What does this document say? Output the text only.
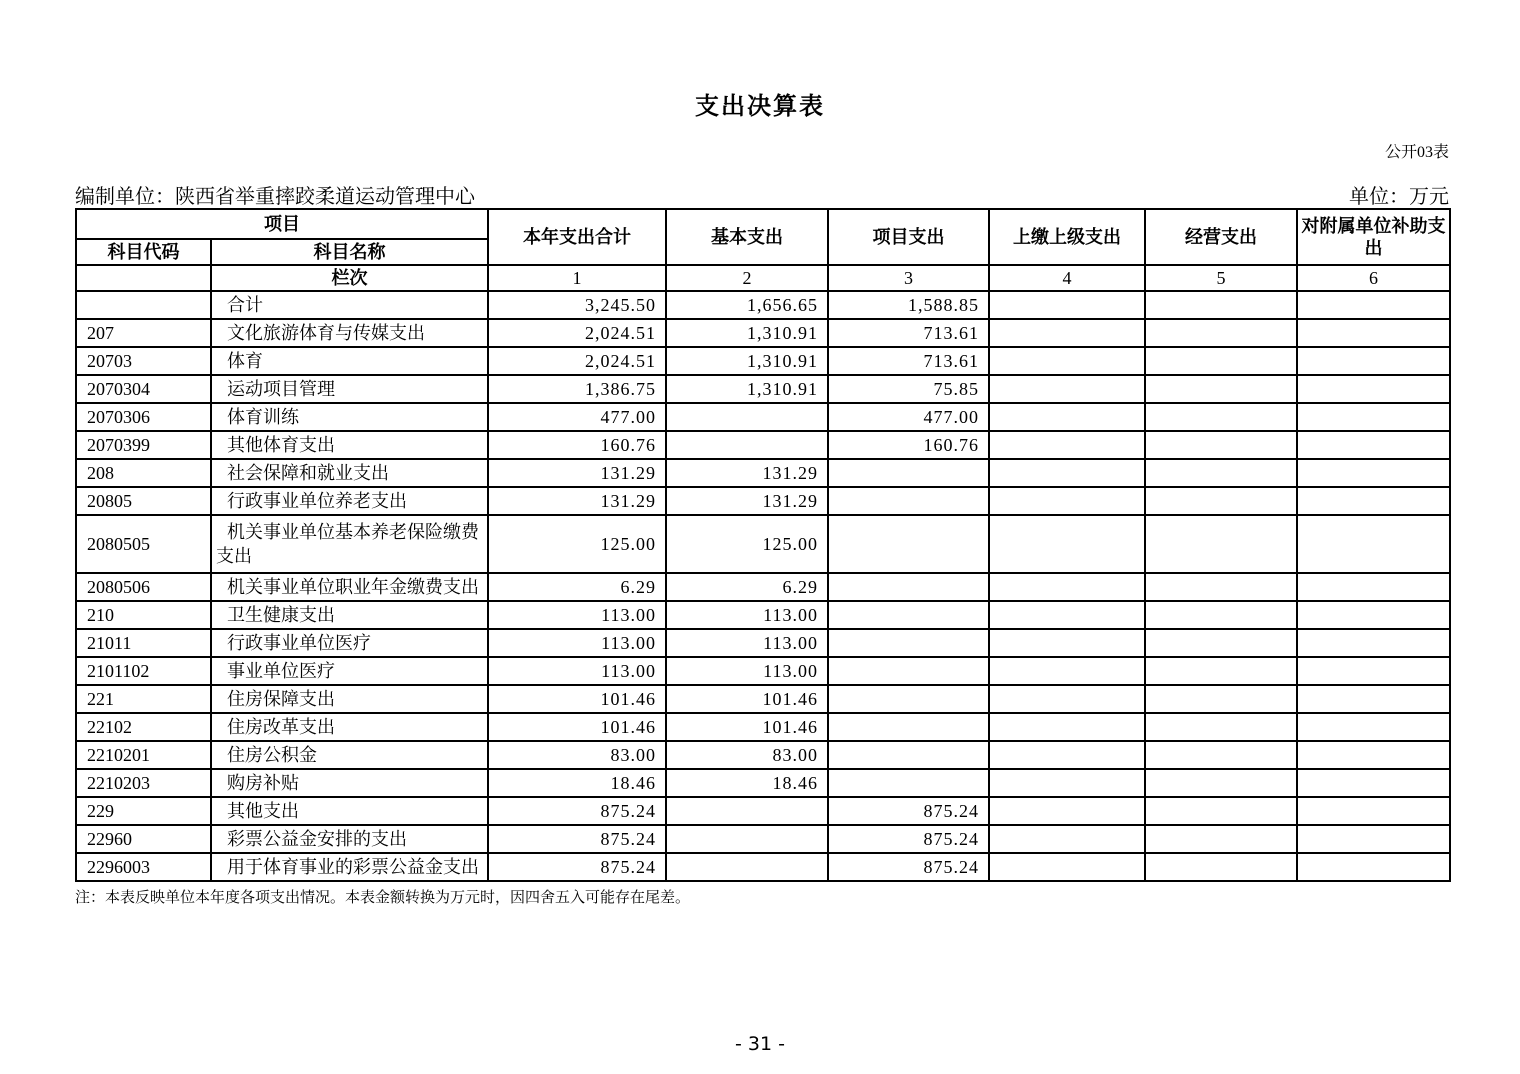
支出决算表
公开03表
编制单位：陕西省举重摔跤柔道运动管理中心	单位：万元
项目		本年支出合计	基本支出	项目支出	上缴上级支出	经营支出	对附属单位补助支出
科目代码	科目名称						
	栏次	1	2	3	4	5	6
	合计	3,245.50	1,656.65	1,588.85			
207	文化旅游体育与传媒支出	2,024.51	1,310.91	713.61			
20703	体育	2,024.51	1,310.91	713.61			
2070304	运动项目管理	1,386.75	1,310.91	75.85			
2070306	体育训练	477.00		477.00			
2070399	其他体育支出	160.76		160.76			
208	社会保障和就业支出	131.29	131.29				
20805	行政事业单位养老支出	131.29	131.29				
2080505	机关事业单位基本养老保险缴费支出	125.00	125.00				
2080506	机关事业单位职业年金缴费支出	6.29	6.29				
210	卫生健康支出	113.00	113.00				
21011	行政事业单位医疗	113.00	113.00				
2101102	事业单位医疗	113.00	113.00				
221	住房保障支出	101.46	101.46				
22102	住房改革支出	101.46	101.46				
2210201	住房公积金	83.00	83.00				
2210203	购房补贴	18.46	18.46				
229	其他支出	875.24		875.24			
22960	彩票公益金安排的支出	875.24		875.24			
2296003	用于体育事业的彩票公益金支出	875.24		875.24			
注：本表反映单位本年度各项支出情况。本表金额转换为万元时，因四舍五入可能存在尾差。
- 31 -
